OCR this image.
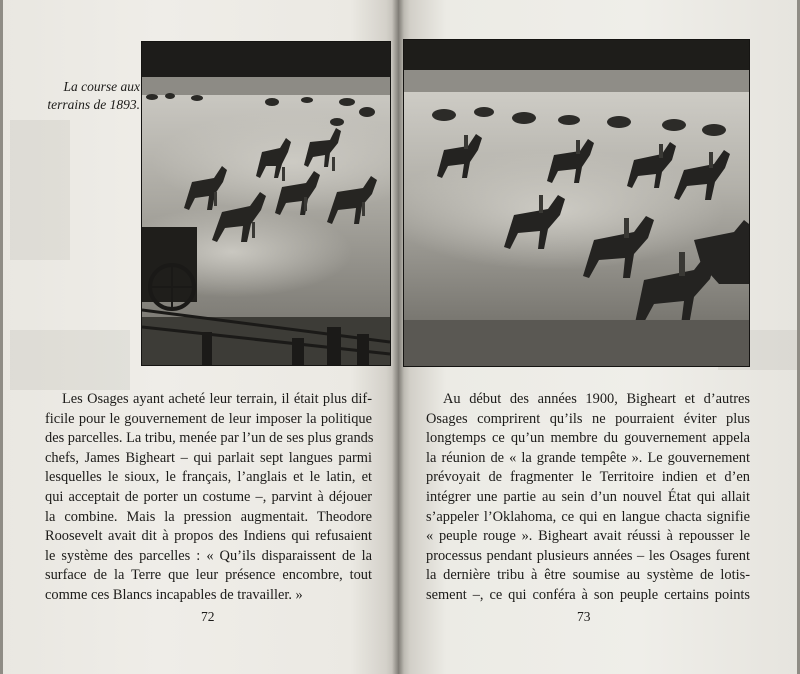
La course aux
terrains de 1893.

Les Osages ayant acheté leur terrain, il était plus dif-
ficile pour le gouvernement de leur imposer la politique
des parcelles. La tribu, menée par l’un de ses plus grands
chefs, James Bigheart – qui parlait sept langues parmi
lesquelles le sioux, le français, l’anglais et le latin, et
qui acceptait de porter un costume –, parvint à déjouer
la combine. Mais la pression augmentait. Theodore
Roosevelt avait dit à propos des Indiens qui refusaient
le système des parcelles : « Qu’ils disparaissent de la
surface de la Terre que leur présence encombre, tout
comme ces Blancs incapables de travailler. »

Au début des années 1900, Bigheart et d’autres
Osages comprirent qu’ils ne pourraient éviter plus
longtemps ce qu’un membre du gouvernement appela
la réunion de « la grande tempête ». Le gouvernement
prévoyait de fragmenter le Territoire indien et d’en
intégrer une partie au sein d’un nouvel État qui allait
s’appeler l’Oklahoma, ce qui en langue chacta signifie
« peuple rouge ». Bigheart avait réussi à repousser le
processus pendant plusieurs années – les Osages furent
la dernière tribu à être soumise au système de lotis-
sement –, ce qui conféra à son peuple certains points

72	73
